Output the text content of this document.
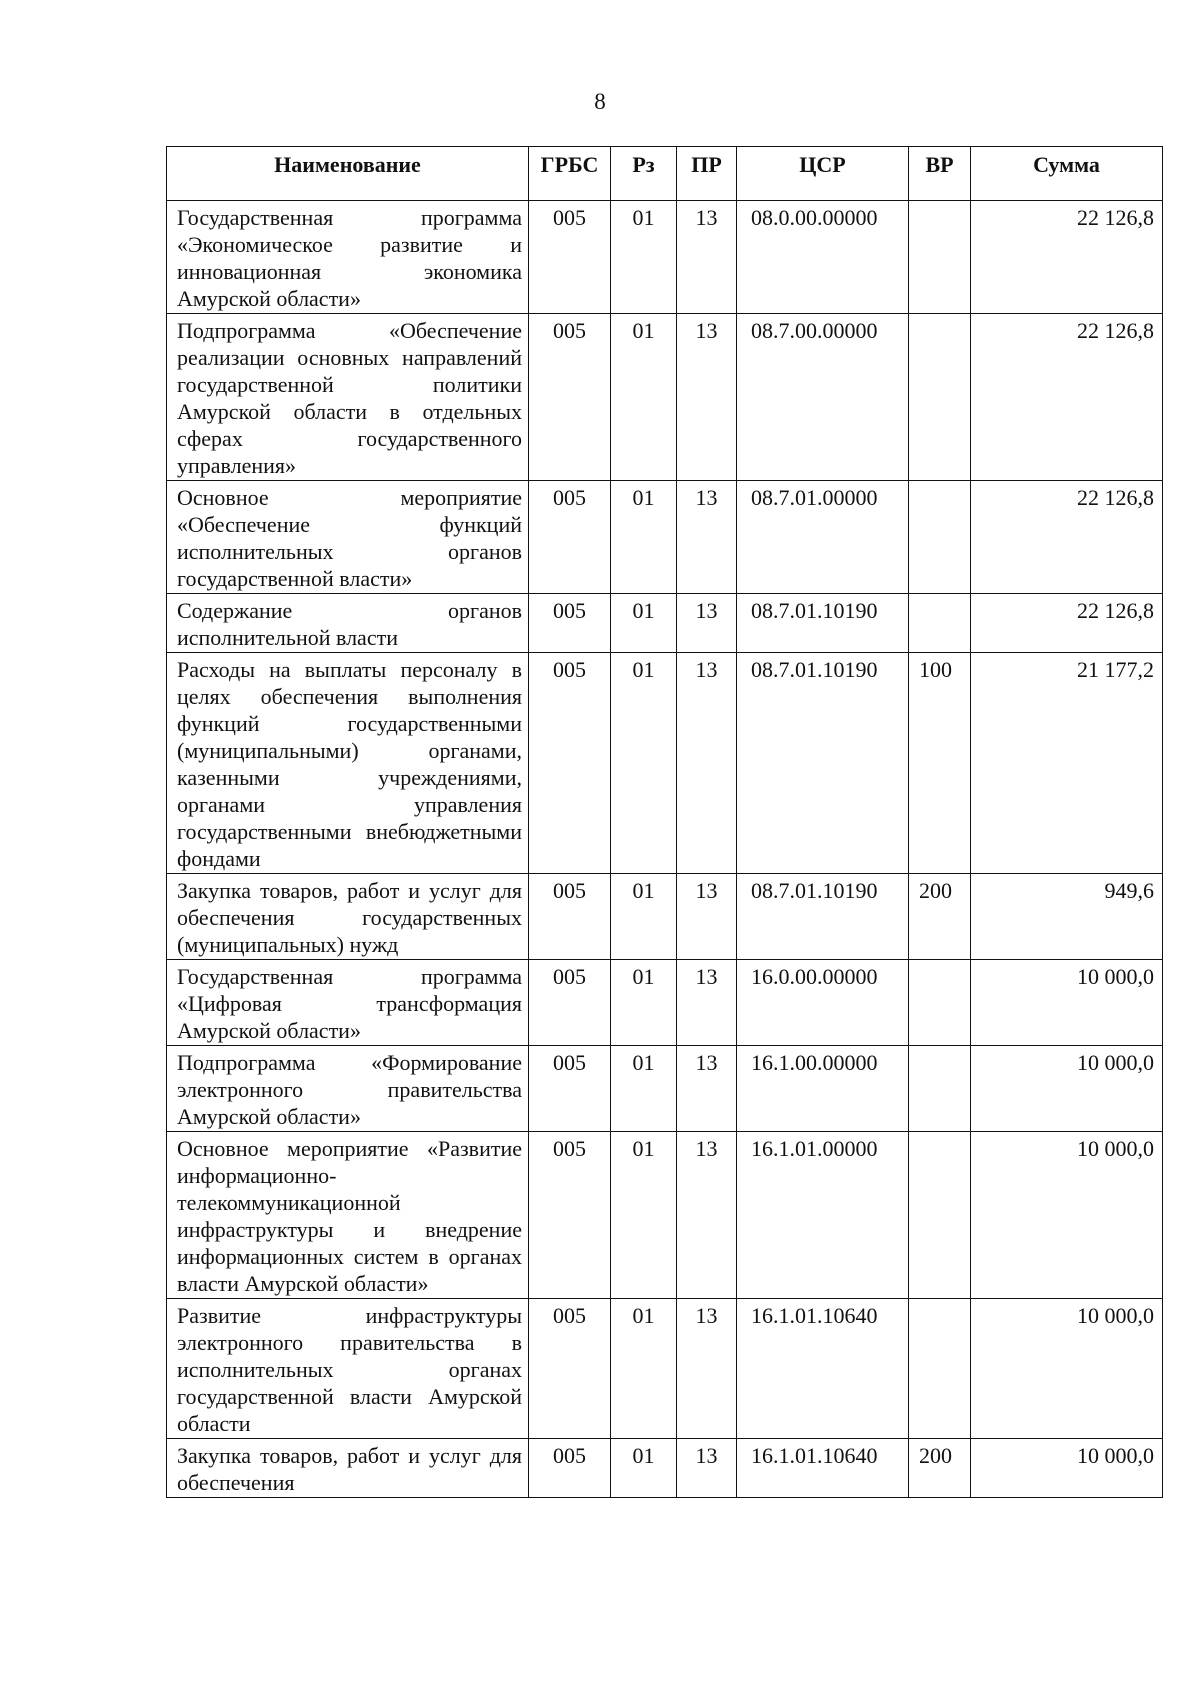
8
Наименование	ГРБС	Рз	ПР	ЦСР	ВР	Сумма
Государственная программа «Экономическое развитие и инновационная экономика Амурской области»	005	01	13	08.0.00.00000		22 126,8
Подпрограмма «Обеспечение реализации основных направлений государственной политики Амурской области в отдельных сферах государственного управления»	005	01	13	08.7.00.00000		22 126,8
Основное мероприятие «Обеспечение функций исполнительных органов государственной власти»	005	01	13	08.7.01.00000		22 126,8
Содержание органов исполнительной власти	005	01	13	08.7.01.10190		22 126,8
Расходы на выплаты персоналу в целях обеспечения выполнения функций государственными (муниципальными) органами, казенными учреждениями, органами управления государственными внебюджетными фондами	005	01	13	08.7.01.10190	100	21 177,2
Закупка товаров, работ и услуг для обеспечения государственных (муниципальных) нужд	005	01	13	08.7.01.10190	200	949,6
Государственная программа «Цифровая трансформация Амурской области»	005	01	13	16.0.00.00000		10 000,0
Подпрограмма «Формирование электронного правительства Амурской области»	005	01	13	16.1.00.00000		10 000,0
Основное мероприятие «Развитие информационно-телекоммуникационной инфраструктуры и внедрение информационных систем в органах власти Амурской области»	005	01	13	16.1.01.00000		10 000,0
Развитие инфраструктуры электронного правительства в исполнительных органах государственной власти Амурской области	005	01	13	16.1.01.10640		10 000,0
Закупка товаров, работ и услуг для обеспечения	005	01	13	16.1.01.10640	200	10 000,0
